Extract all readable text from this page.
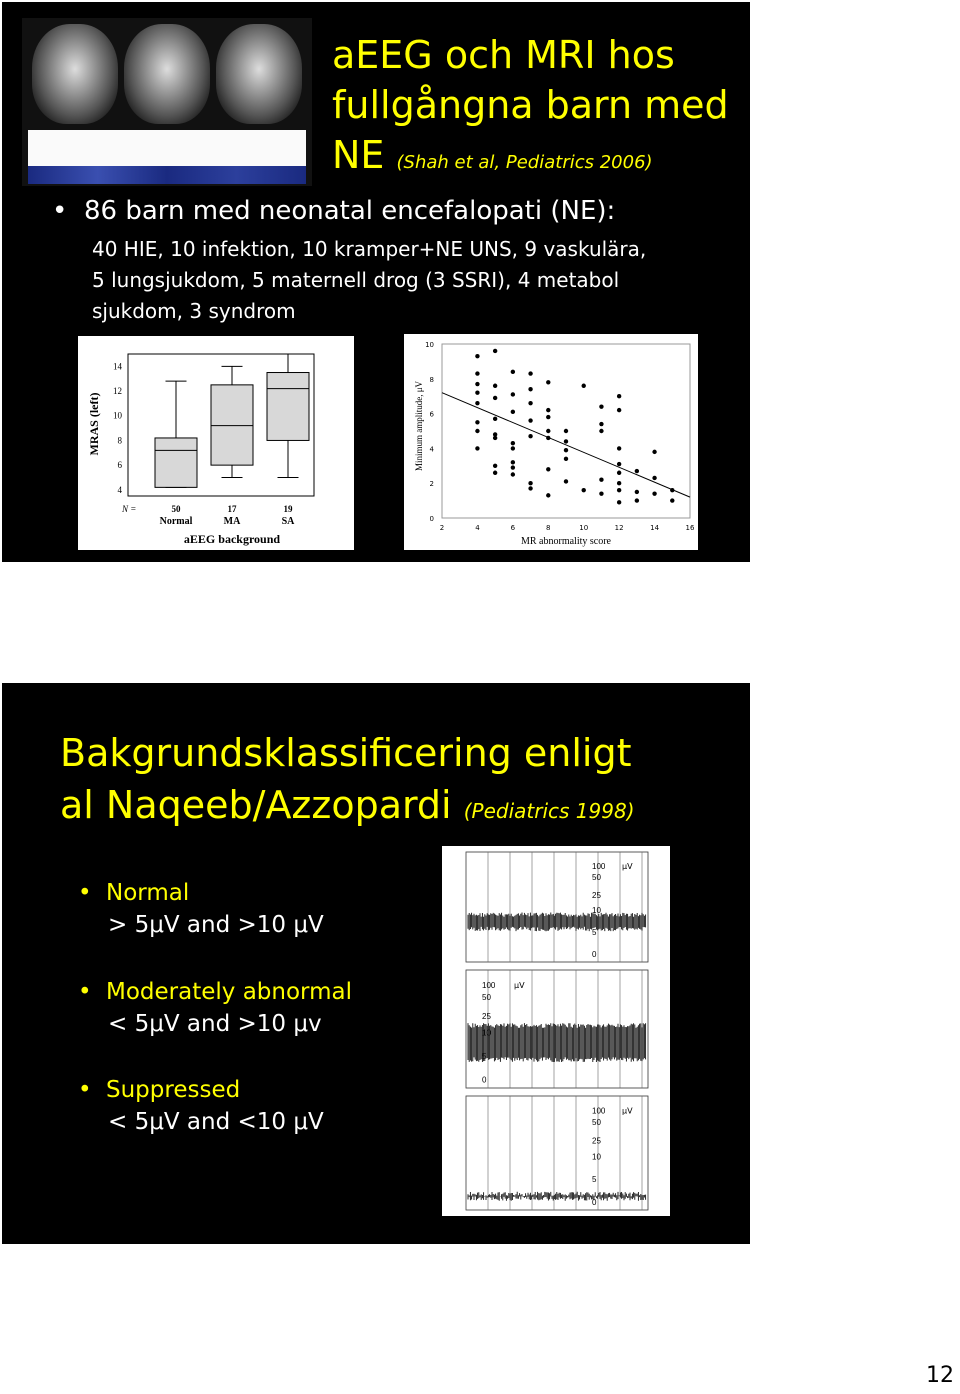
aEEG och MRI hos
fullgångna barn med
NE (Shah et al, Pediatrics 2006)
• 86 barn med neonatal encefalopati (NE):
40 HIE, 10 infektion, 10 kramper+NE UNS, 9 vaskulära,
5 lungsjukdom, 5 maternell drog (3 SSRI), 4 metabol
sjukdom, 3 syndrom
14
12
10
8
6
4
MRAS (left)
N =	50
Normal
17
MA
19
SA
aEEG background
2	4	6	8	10	12	14	16
10
8
6
4
2
0
Minimum amplitude, μV
MR abnormality score
Bakgrundsklassificering enligt
al Naqeeb/Azzopardi (Pediatrics 1998)
• Normal
> 5μV and >10 μV
• Moderately abnormal
< 5μV and >10 μv
• Suppressed
< 5μV and <10 μV
100
50
25
10
5
0
μV
100
50
25
10
5
0
μV
100
50
25
10
5
0
μV
12
